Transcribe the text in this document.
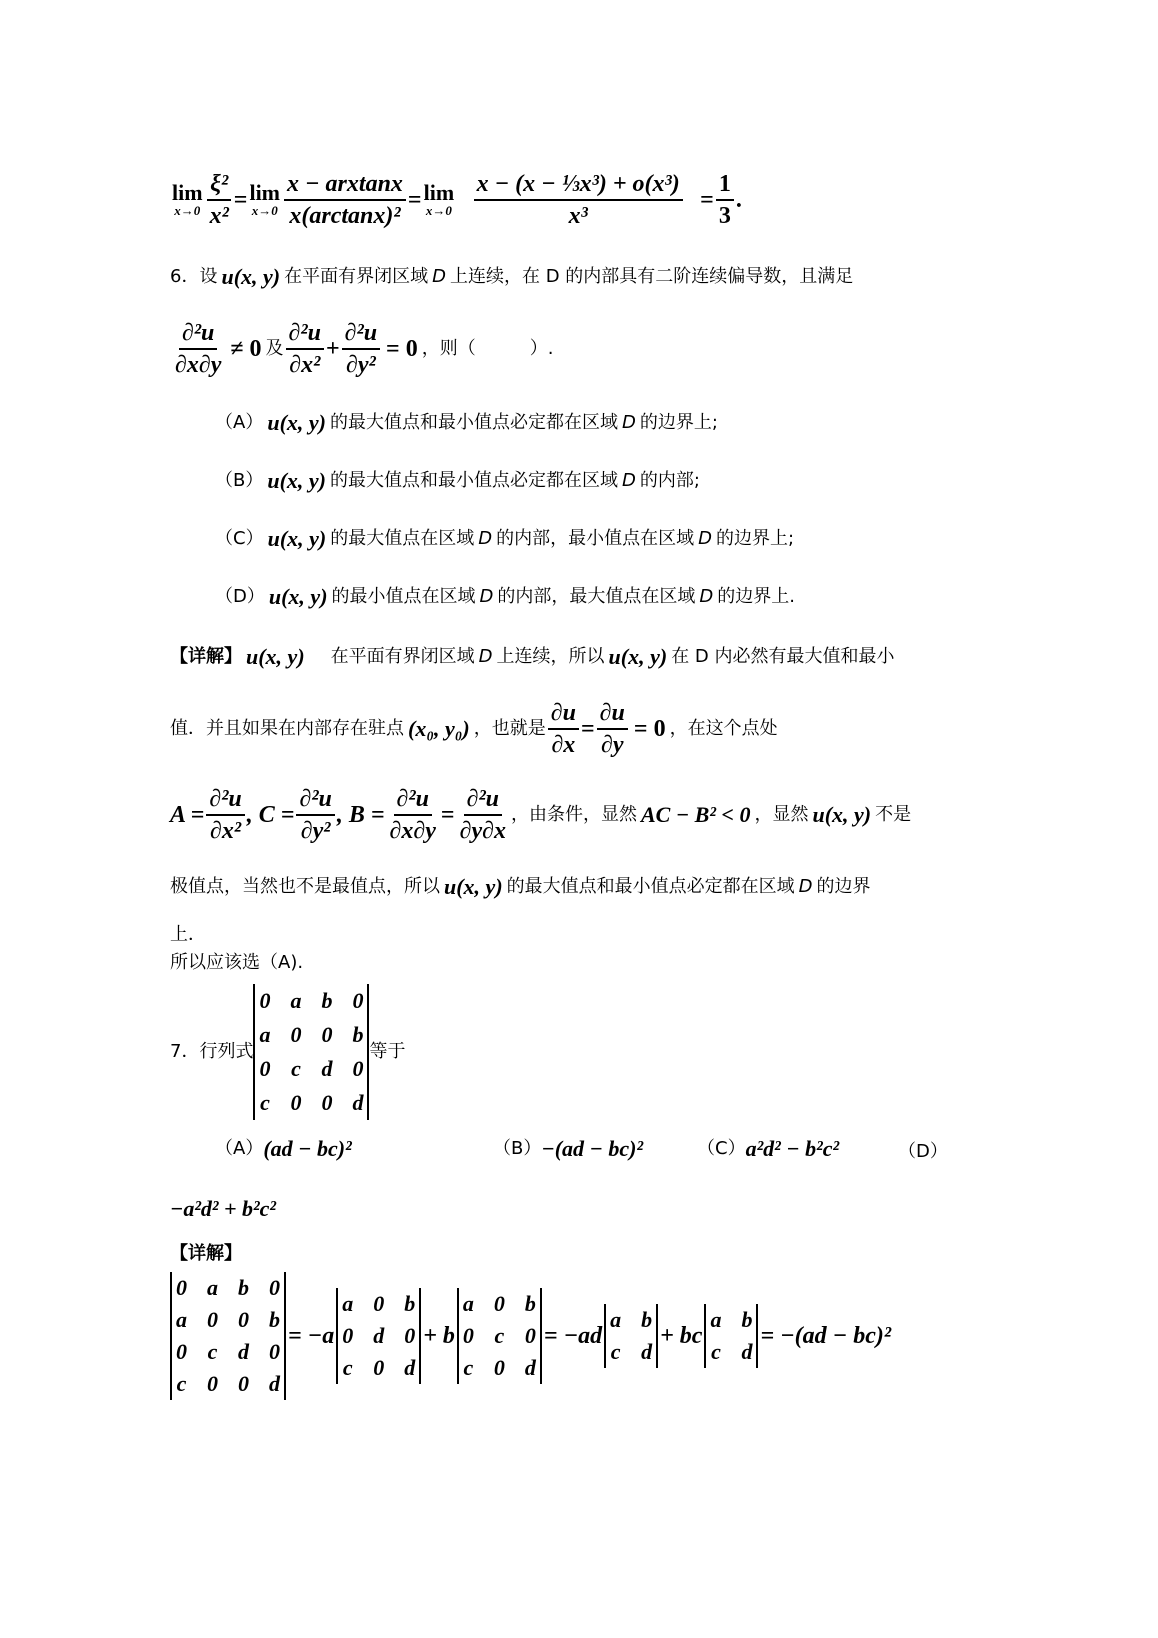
lim
$x\to 0 \frac{\text{ξ²}}{\text{x²}} = \lim$
$x\to 0 \frac{\text{x − arxtanx}}{\text{x(arctanx)²}} = \lim$
$x\to 0 \frac{\text{x − (x − ⅓x³) + o(x³)}}{\text{x³}} = \frac{1}{3}$ .
6． 设 u(x, y) 在平面有界闭区域 D 上连续，在 D 的内部具有二阶连续偏导数，且满足
$\frac{\text{∂²u}}{\partial x\partial y} \ne 0$ 及 $\frac{\text{∂²u}}{\text{∂x²}} + \frac{\text{∂²u}}{\text{∂y²}} = 0$ ，则（　　　）.
（A） u(x, y) 的最大值点和最小值点必定都在区域 D 的边界上;
（B） u(x, y) 的最大值点和最小值点必定都在区域 D 的内部;
（C） u(x, y) 的最大值点在区域 D 的内部，最小值点在区域 D 的边界上;
（D） u(x, y) 的最小值点在区域 D 的内部，最大值点在区域 D 的边界上.
【详解】 u(x, y) 在平面有界闭区域 D 上连续，所以 u(x, y) 在 D 内必然有最大值和最小
值．并且如果在内部存在驻点 (x₀, y₀) ，也就是 $\frac{\partial u}{\partial x} = \frac{\partial u}{\partial y} = 0$ ，在这个点处
$A = \frac{\text{∂²u}}{\text{∂x²}}$ , $C = \frac{\text{∂²u}}{\text{∂y²}}$ , $B = \frac{\text{∂²u}}{\partial x\partial y} = \frac{\text{∂²u}}{\partial y\partial x}$ ，由条件，显然 AC − B² < 0 ，显然 u(x, y) 不是
极值点，当然也不是最值点，所以 u(x, y) 的最大值点和最小值点必定都在区域 D 的边界
上．
所以应该选（A).
7． 行列式
0	a	b	0
a	0	0	b
0	c	d	0
c	0	0	d
等于
（A） (ad − bc)²	（B） −(ad − bc)²	（C） a²d² − b²c²	（D）
−a²d² + b²c²
【详解】
0	a	b	0
a	0	0	b
0	c	d	0
c	0	0	d
= −a
a	0	b
0	d	0
c	0	d
+ b
a	0	b
0	c	0
c	0	d
= −ad
a	b
c	d
+ bc
a	b
c	d
= −(ad − bc)²
